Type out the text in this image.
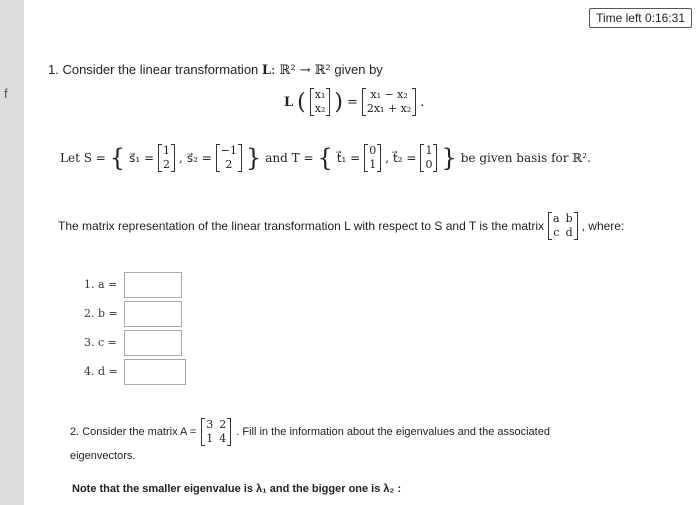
f
Time left 0:16:31
1. Consider the linear transformation L: ℝ² → ℝ² given by
L ( x₁
x₂ ) =	x₁ − x₂
2x₁ + x₂ .
Let S = { s⃗₁ =
1
2 , s⃗₂ =
−1
2 } and T = { t⃗₁ =
0
1 , t⃗₂ =
1
0 } be given basis for ℝ².
The matrix representation of the linear transformation L with respect to S and T is the matrix
a
c
b
d , where:
1. a =
2. b =
3. c =
4. d =
2. Consider the matrix A =
3
1
2
4 . Fill in the information about the eigenvalues and the associated
eigenvectors.
Note that the smaller eigenvalue is λ₁ and the bigger one is λ₂ :
